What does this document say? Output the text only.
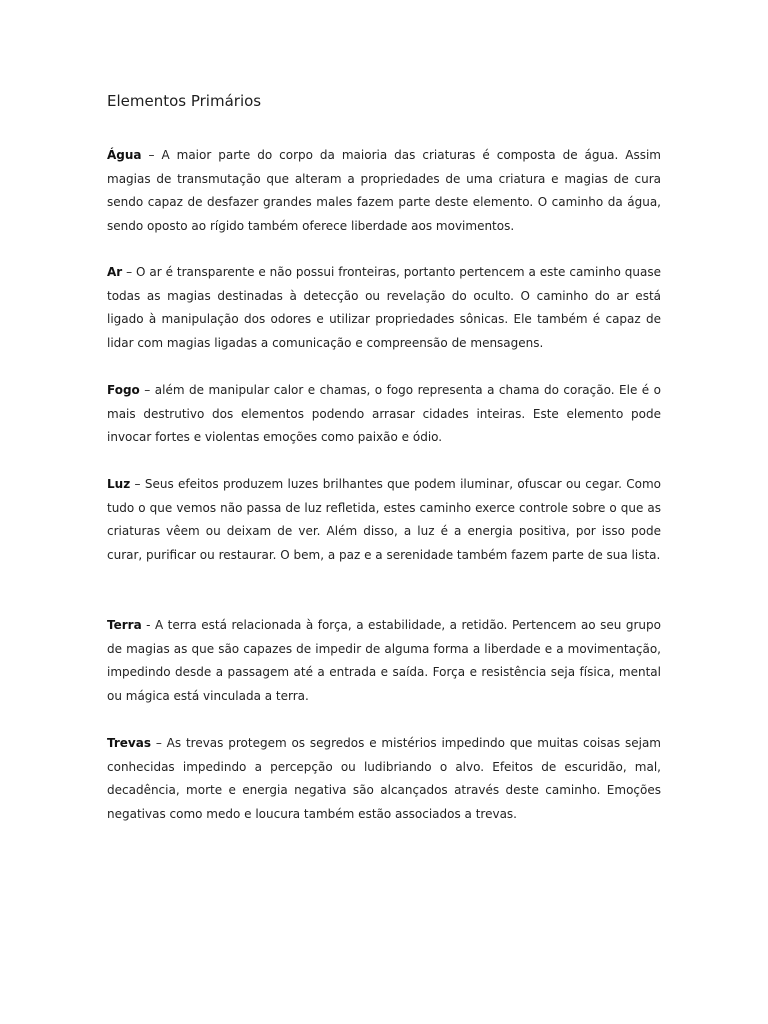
Elementos Primários

Água – A maior parte do corpo da maioria das criaturas é composta de água. Assim magias de transmutação que alteram a propriedades de uma criatura e magias de cura sendo capaz de desfazer grandes males fazem parte deste elemento. O caminho da água, sendo oposto ao rígido também oferece liberdade aos movimentos.

Ar – O ar é transparente e não possui fronteiras, portanto pertencem a este caminho quase todas as magias destinadas à detecção ou revelação do oculto. O caminho do ar está ligado à manipulação dos odores e utilizar propriedades sônicas. Ele também é capaz de lidar com magias ligadas a comunicação e compreensão de mensagens.

Fogo – além de manipular calor e chamas, o fogo representa a chama do coração. Ele é o mais destrutivo dos elementos podendo arrasar cidades inteiras. Este elemento pode invocar fortes e violentas emoções como paixão e ódio.

Luz – Seus efeitos produzem luzes brilhantes que podem iluminar, ofuscar ou cegar. Como tudo o que vemos não passa de luz refletida, estes caminho exerce controle sobre o que as criaturas vêem ou deixam de ver. Além disso, a luz é a energia positiva, por isso pode curar, purificar ou restaurar. O bem, a paz e a serenidade também fazem parte de sua lista.

Terra - A terra está relacionada à força, a estabilidade, a retidão. Pertencem ao seu grupo de magias as que são capazes de impedir de alguma forma a liberdade e a movimentação, impedindo desde a passagem até a entrada e saída. Força e resistência seja física, mental ou mágica está vinculada a terra.

Trevas – As trevas protegem os segredos e mistérios impedindo que muitas coisas sejam conhecidas impedindo a percepção ou ludibriando o alvo. Efeitos de escuridão, mal, decadência, morte e energia negativa são alcançados através deste caminho. Emoções negativas como medo e loucura também estão associados a trevas.
